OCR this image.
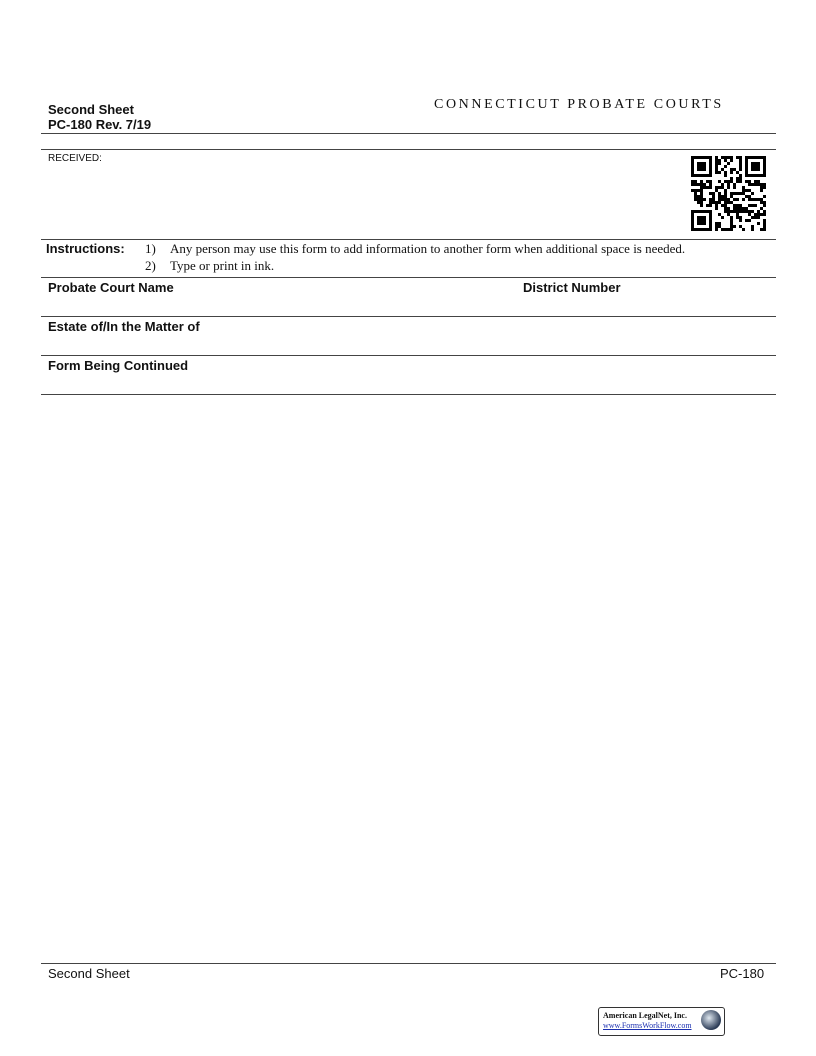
Second Sheet
PC-180 Rev. 7/19
CONNECTICUT PROBATE COURTS
RECEIVED:
Instructions: 1) Any person may use this form to add information to another form when additional space is needed.
2) Type or print in ink.
Probate Court Name	District Number
Estate of/In the Matter of
Form Being Continued
Second Sheet	PC-180
American LegalNet, Inc.
www.FormsWorkFlow.com
